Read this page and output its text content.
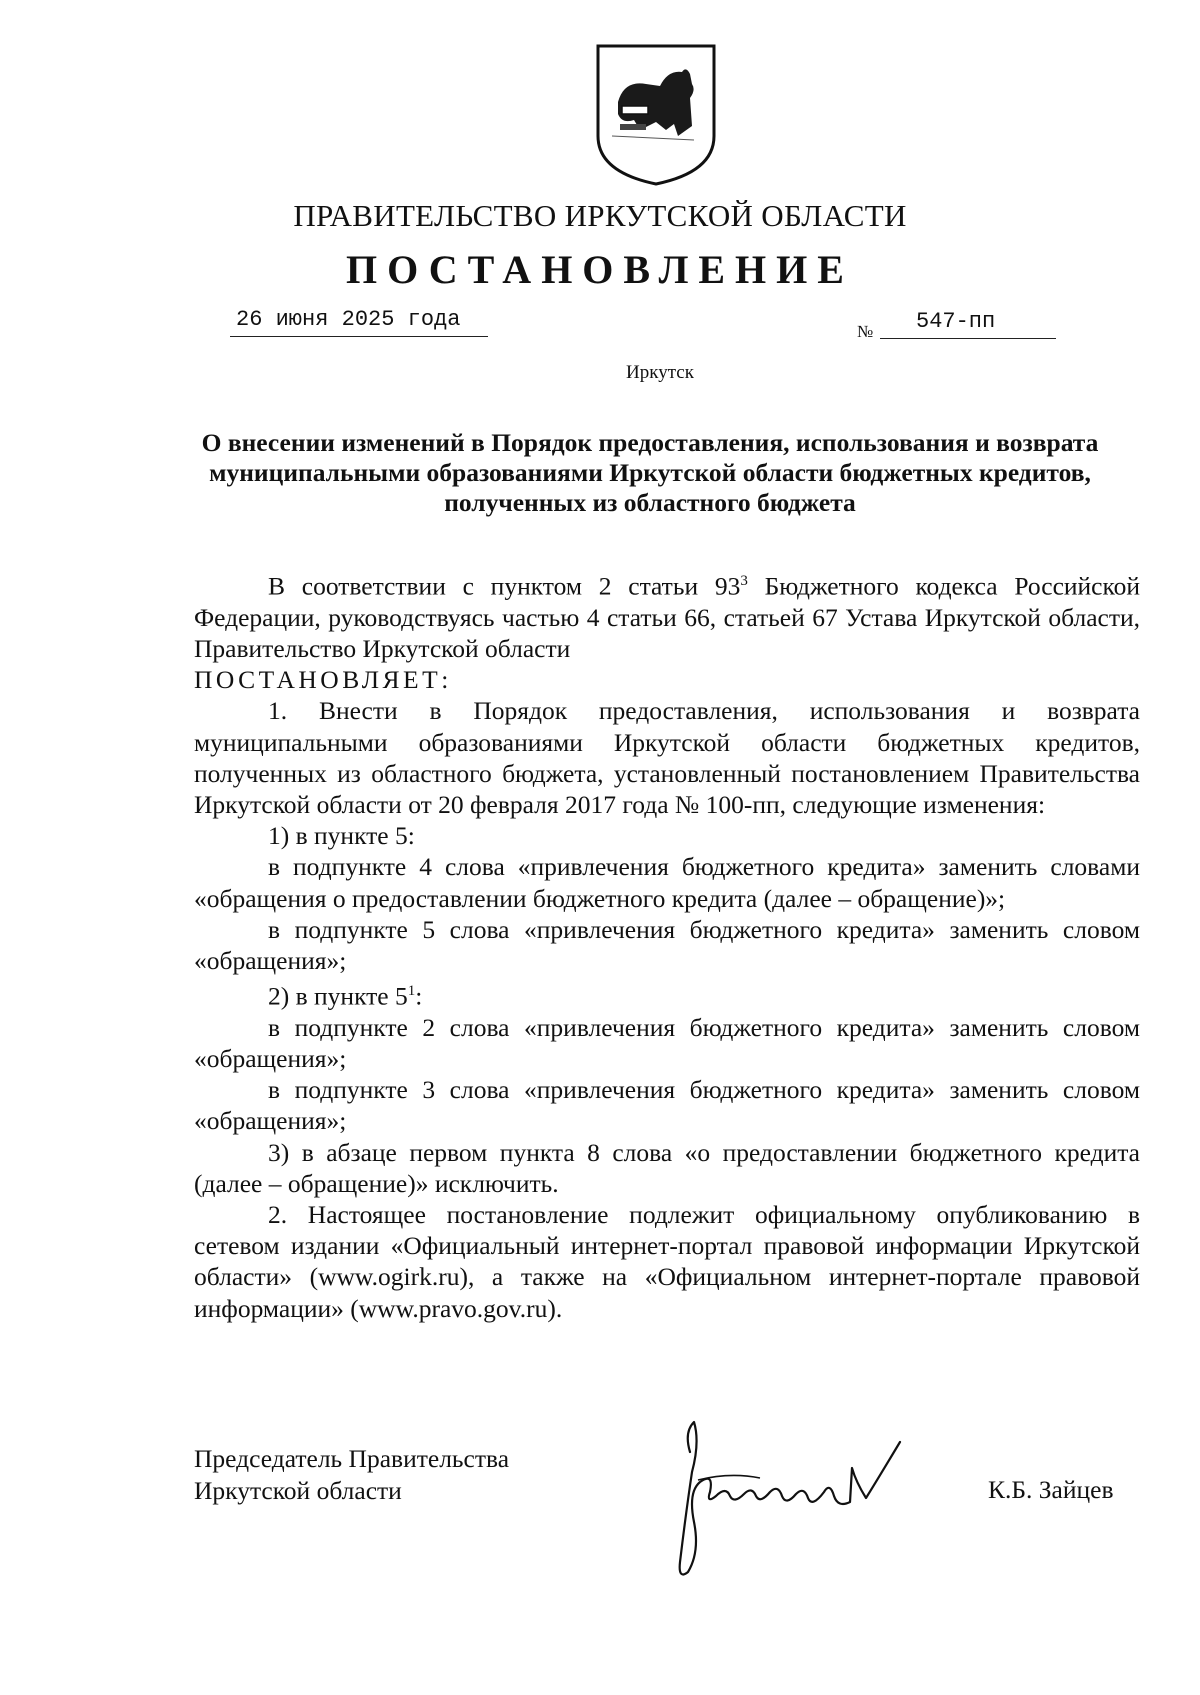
ПРАВИТЕЛЬСТВО ИРКУТСКОЙ ОБЛАСТИ
ПОСТАНОВЛЕНИЕ
26 июня 2025 года	№	547-пп
Иркутск
О внесении изменений в Порядок предоставления, использования и возврата муниципальными образованиями Иркутской области бюджетных кредитов, полученных из областного бюджета

В соответствии с пунктом 2 статьи $93^3$ Бюджетного кодекса Российской Федерации, руководствуясь частью 4 статьи 66, статьей 67 Устава Иркутской области, Правительство Иркутской области

ПОСТАНОВЛЯЕТ:

1. Внести в Порядок предоставления, использования и возврата муниципальными образованиями Иркутской области бюджетных кредитов, полученных из областного бюджета, установленный постановлением Правительства Иркутской области от 20 февраля 2017 года № 100-пп, следующие изменения:

1) в пункте 5:

в подпункте 4 слова «привлечения бюджетного кредита» заменить словами «обращения о предоставлении бюджетного кредита (далее – обращение)»;

в подпункте 5 слова «привлечения бюджетного кредита» заменить словом «обращения»;

2) в пункте $5^1$:

в подпункте 2 слова «привлечения бюджетного кредита» заменить словом «обращения»;

в подпункте 3 слова «привлечения бюджетного кредита» заменить словом «обращения»;

3) в абзаце первом пункта 8 слова «о предоставлении бюджетного кредита (далее – обращение)» исключить.

2. Настоящее постановление подлежит официальному опубликованию в сетевом издании «Официальный интернет-портал правовой информации Иркутской области» (www.ogirk.ru), а также на «Официальном интернет-портале правовой информации» (www.pravo.gov.ru).

Председатель Правительства
Иркутской области	К.Б. Зайцев
